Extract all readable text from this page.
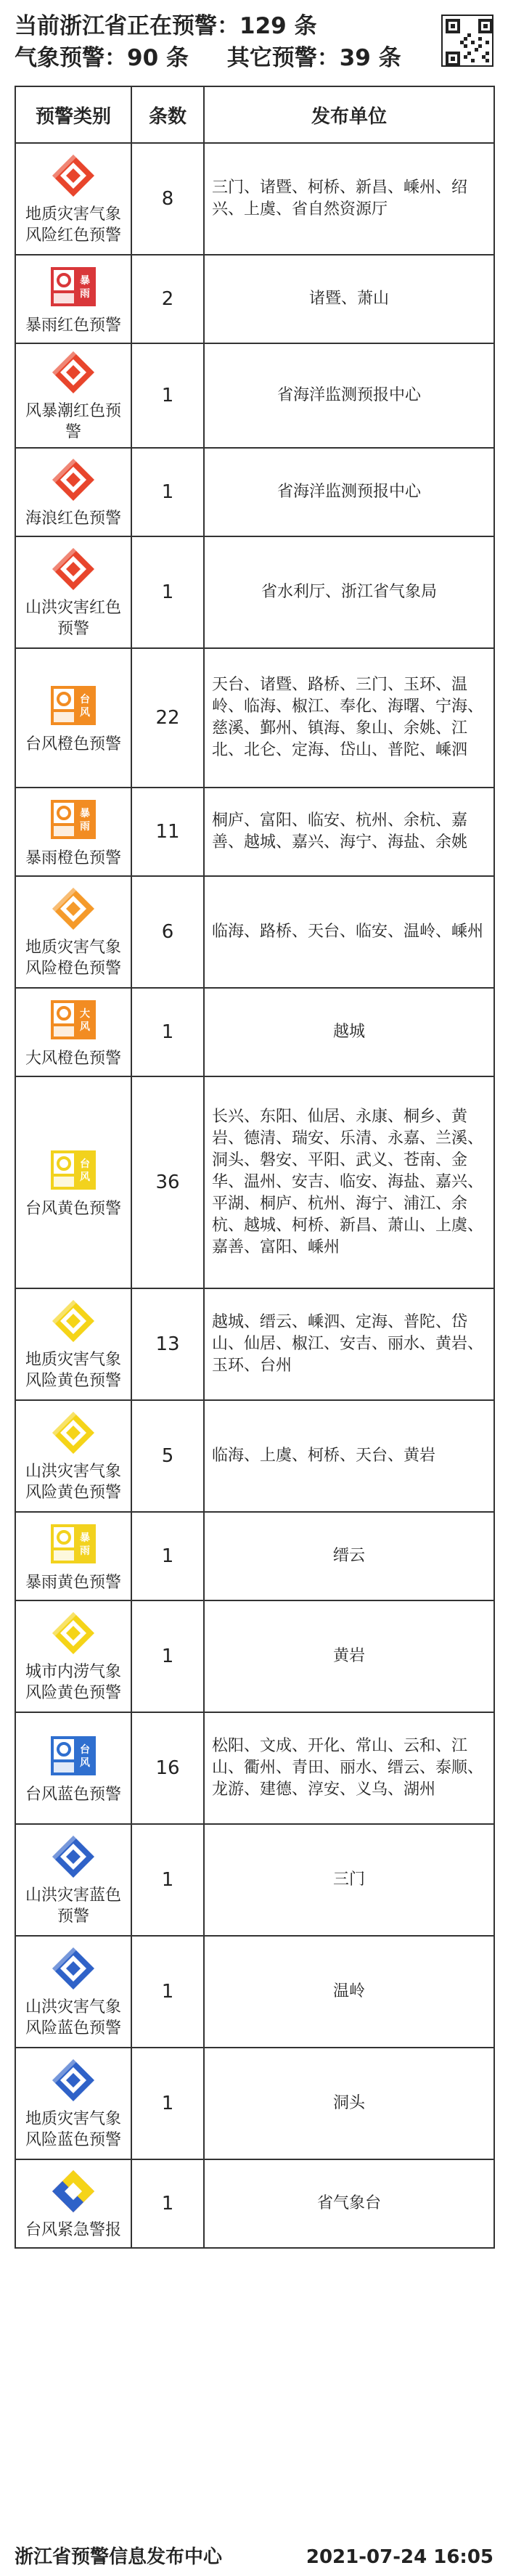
当前浙江省正在预警：129 条
气象预警：90 条 其它预警：39 条
预警类别	条数	发布单位

地质灾害气象风险红色预警	8	三门、诸暨、柯桥、新昌、嵊州、绍兴、上虞、省自然资源厅

暴
雨
暴雨红色预警	2	诸暨、萧山

风暴潮红色预警	1	省海洋监测预报中心

海浪红色预警	1	省海洋监测预报中心

山洪灾害红色预警	1	省水利厅、浙江省气象局

台
风
台风橙色预警	22	天台、诸暨、路桥、三门、玉环、温岭、临海、椒江、奉化、海曙、宁海、慈溪、鄞州、镇海、象山、余姚、江北、北仑、定海、岱山、普陀、嵊泗

暴
雨
暴雨橙色预警	11	桐庐、富阳、临安、杭州、余杭、嘉善、越城、嘉兴、海宁、海盐、余姚

地质灾害气象风险橙色预警	6	临海、路桥、天台、临安、温岭、嵊州

大
风
大风橙色预警	1	越城

台
风
台风黄色预警	36	长兴、东阳、仙居、永康、桐乡、黄岩、德清、瑞安、乐清、永嘉、兰溪、洞头、磐安、平阳、武义、苍南、金华、温州、安吉、临安、海盐、嘉兴、平湖、桐庐、杭州、海宁、浦江、余杭、越城、柯桥、新昌、萧山、上虞、嘉善、富阳、嵊州

地质灾害气象风险黄色预警	13	越城、缙云、嵊泗、定海、普陀、岱山、仙居、椒江、安吉、丽水、黄岩、玉环、台州

山洪灾害气象风险黄色预警	5	临海、上虞、柯桥、天台、黄岩

暴
雨
暴雨黄色预警	1	缙云

城市内涝气象风险黄色预警	1	黄岩

台
风
台风蓝色预警	16	松阳、文成、开化、常山、云和、江山、衢州、青田、丽水、缙云、泰顺、龙游、建德、淳安、义乌、湖州

山洪灾害蓝色预警	1	三门

山洪灾害气象风险蓝色预警	1	温岭

地质灾害气象风险蓝色预警	1	洞头

台风紧急警报	1	省气象台
浙江省预警信息发布中心	2021-07-24 16:05
